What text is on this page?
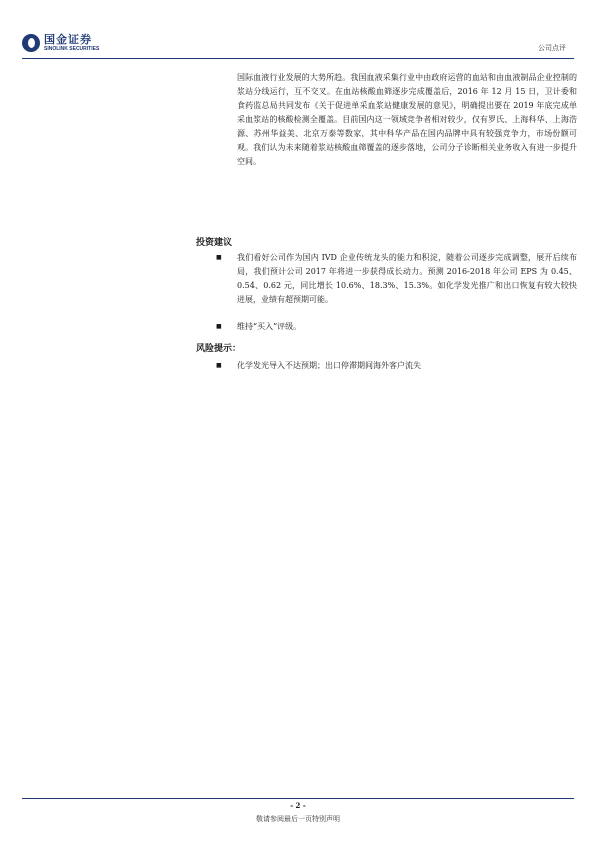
国金证券
SINOLINK SECURITIES	公司点评
国际血液行业发展的大势所趋。我国血液采集行业中由政府运营的血站和由血液制品企业控制的浆站分线运行，互不交叉。在血站核酸血筛逐步完成覆盖后，2016 年 12 月 15 日，卫计委和食药监总局共同发布《关于促进单采血浆站健康发展的意见》，明确提出要在 2019 年底完成单采血浆站的核酸检测全覆盖。目前国内这一领域竞争者相对较少，仅有罗氏、上海科华、上海浩源、苏州华益美、北京万泰等数家，其中科华产品在国内品牌中具有较强竞争力，市场份额可观。我们认为未来随着浆站核酸血筛覆盖的逐步落地，公司分子诊断相关业务收入有进一步提升空间。
投资建议
■	我们看好公司作为国内 IVD 企业传统龙头的能力和积淀，随着公司逐步完成调整，展开后续布局，我们预计公司 2017 年将进一步获得成长动力。预测 2016-2018 年公司 EPS 为 0.45、0.54、0.62 元，同比增长 10.6%、18.3%、15.3%。如化学发光推广和出口恢复有较大较快进展，业绩有超预期可能。
■	维持“买入”评级。
风险提示：
■	化学发光导入不达预期；出口停滞期间海外客户流失
- 2 -
敬请参阅最后一页特别声明
